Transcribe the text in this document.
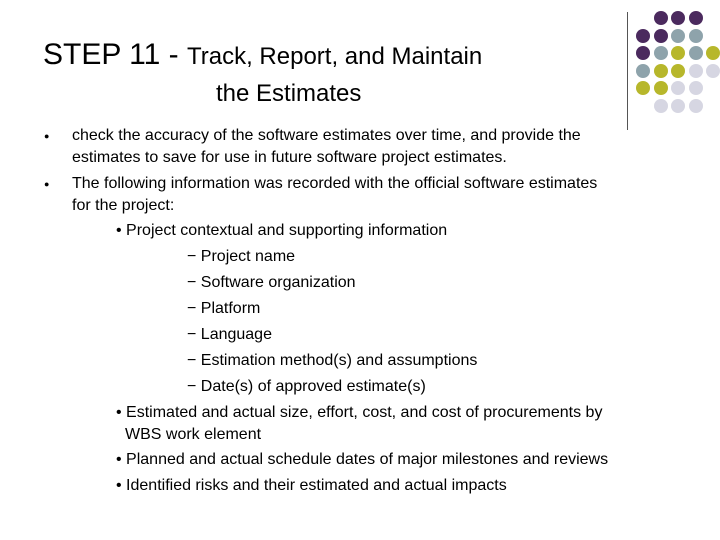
STEP 11 - Track, Report, and Maintain
the Estimates
● check the accuracy of the software estimates over time, and provide the
estimates to save for use in future software project estimates.
● The following information was recorded with the official software estimates
for the project:
• Project contextual and supporting information
− Project name
− Software organization
− Platform
− Language
− Estimation method(s) and assumptions
− Date(s) of approved estimate(s)
• Estimated and actual size, effort, cost, and cost of procurements by
WBS work element
• Planned and actual schedule dates of major milestones and reviews
• Identified risks and their estimated and actual impacts
